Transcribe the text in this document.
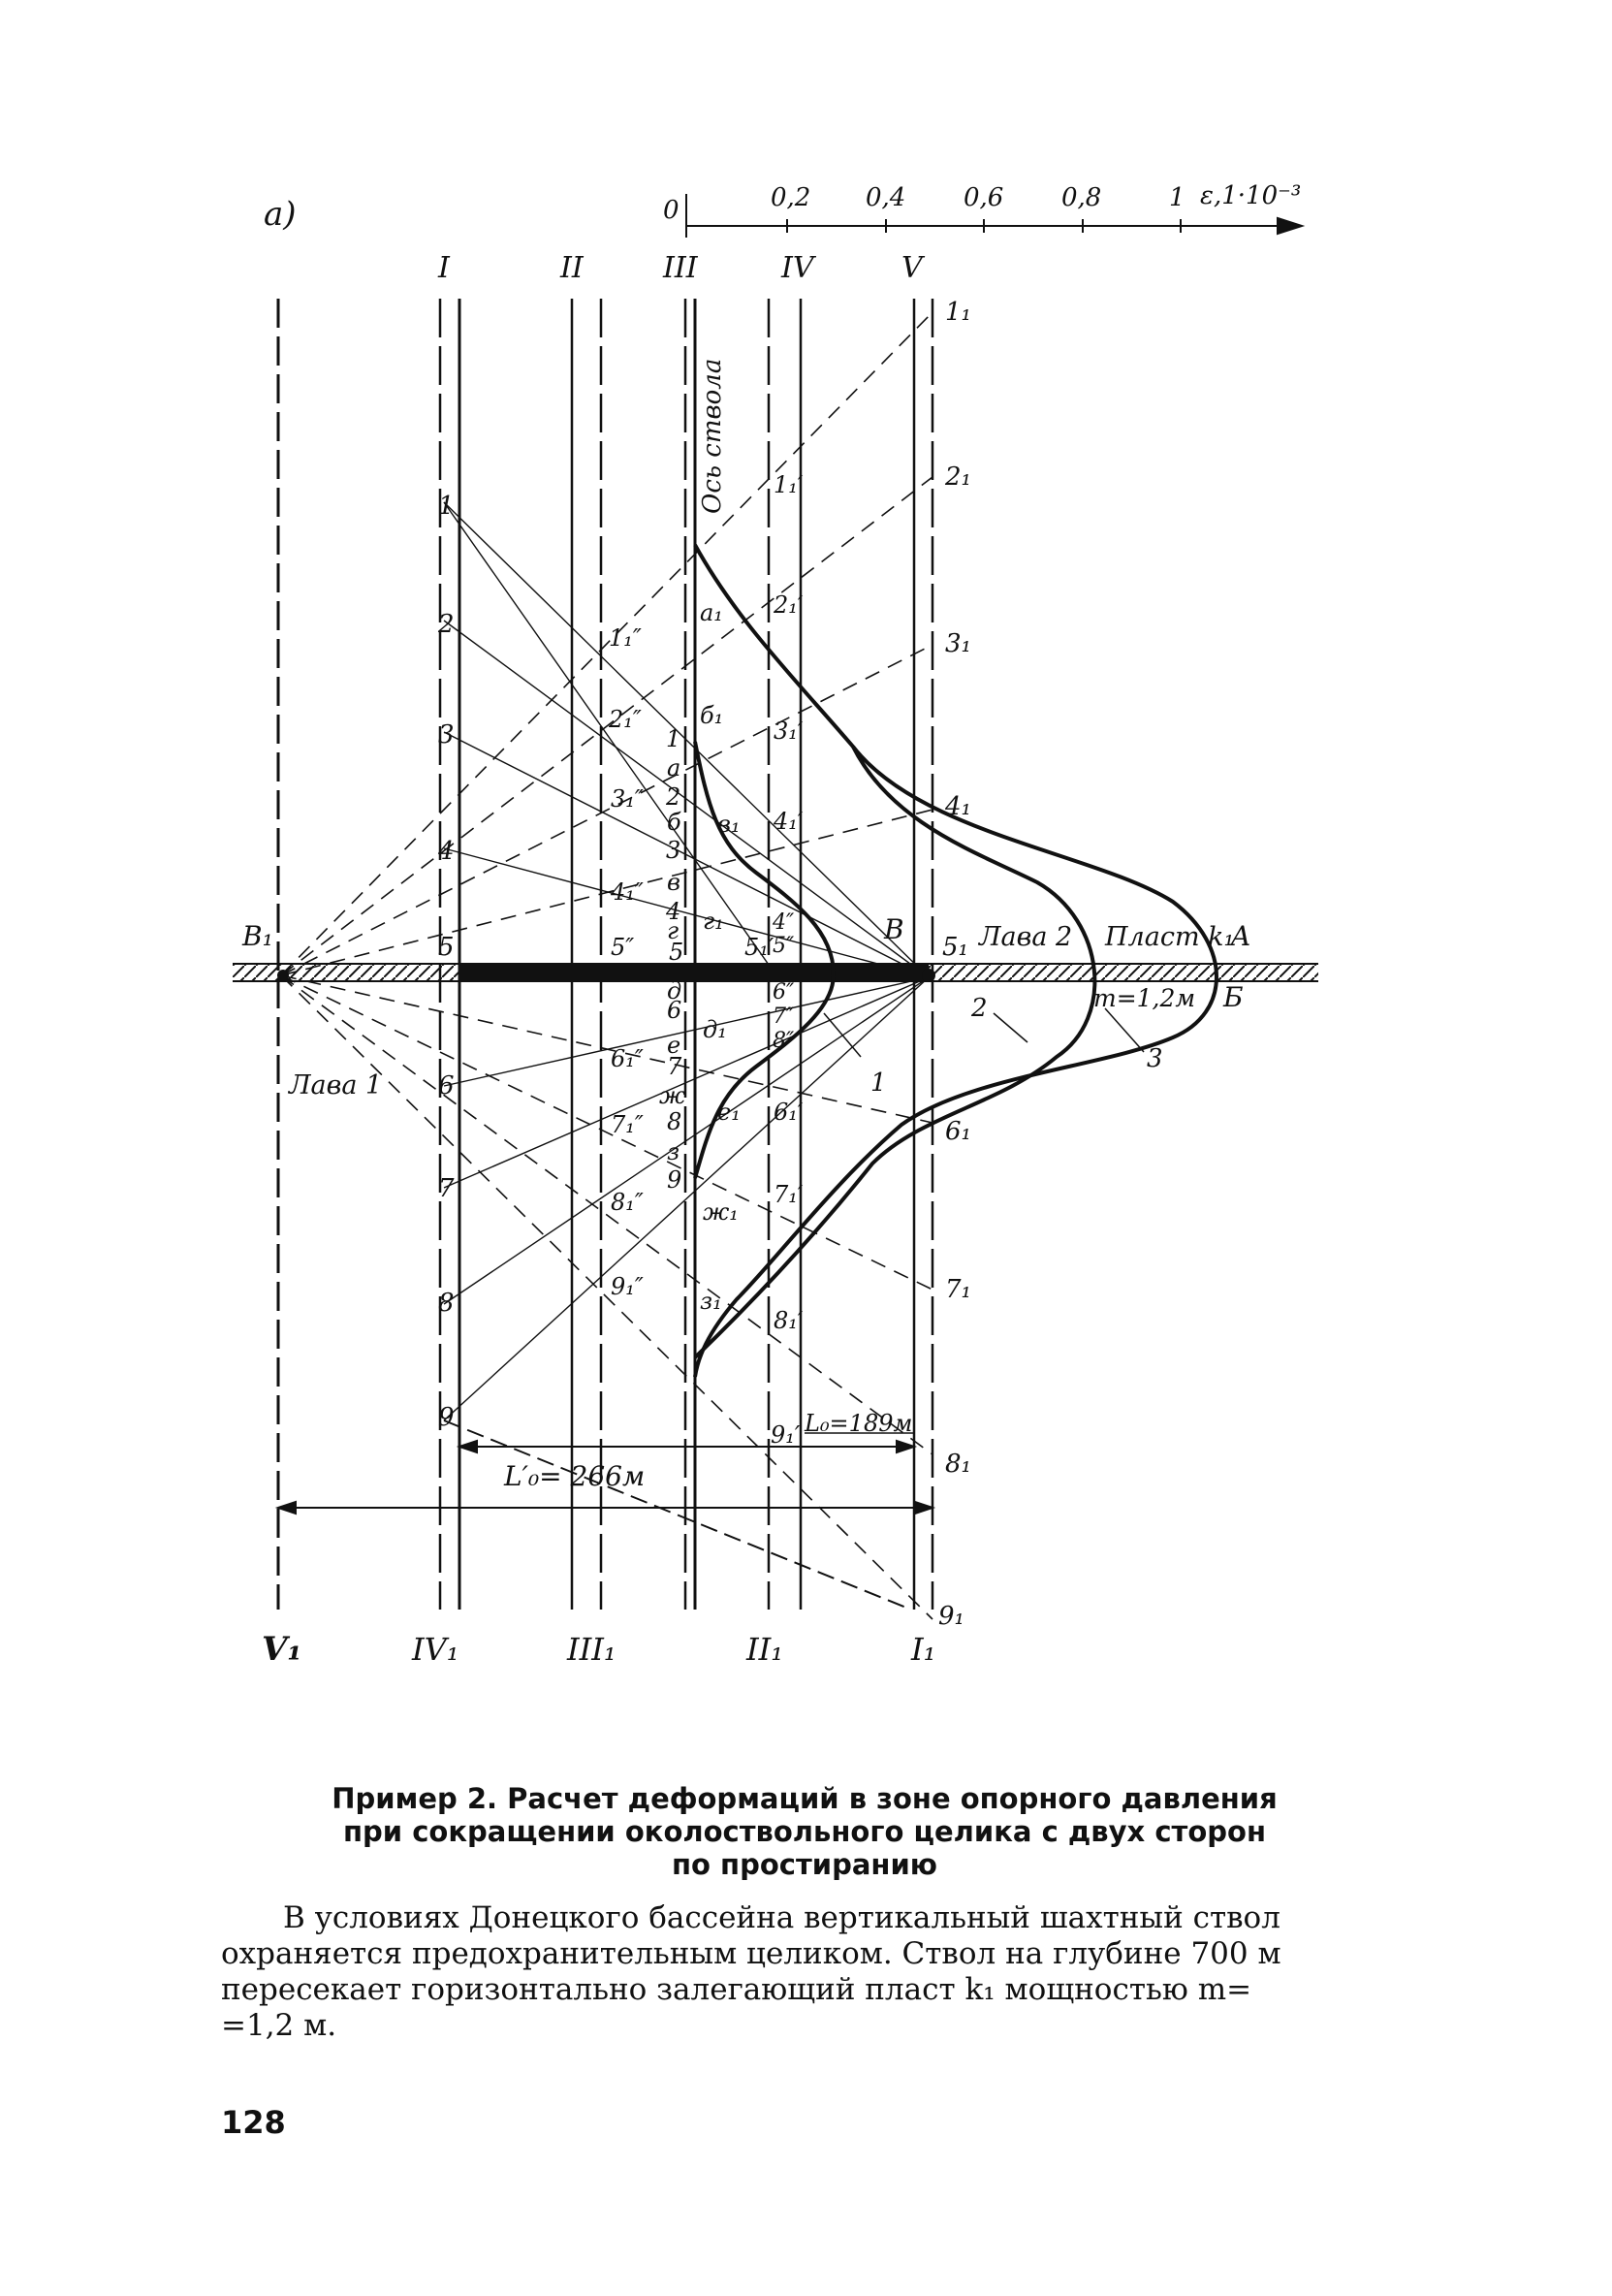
а)	0	0,2 0,4 0,6 0,8	1 ε,1·10⁻³
I	II	III	IV	V
Ось ствола
1
2
3
4
5
6
7
8
9
1₁
2₁
3₁
4₁
5₁
6₁
7₁
8₁
9₁
1₁″
2₁″
3₁″
4₁″
5″
6₁″
7₁″
8₁″
9₁″
1₁′
2₁′
3₁′
4₁′
5₁′
6₁′
7₁′
8₁′
9₁′
1
2
3
4
5
6
7
8
9
а
б
в
г
д
е
ж
з
а₁
б₁
в₁
г₁
д₁
е₁
ж₁
з₁
4″
5″
6″
7″
8″
B₁	B	A
Б
Лава 1
Лава 2 Пласт k₁
m=1,2м
1
2
3
L₀=189м
L′₀= 266м
V₁	IV₁	III₁	II₁	I₁
Пример 2. Расчет деформаций в зоне опорного давления
при сокращении околоствольного целика с двух сторон
по простиранию
В условиях Донецкого бассейна вертикальный шахтный ствол
охраняется предохранительным целиком. Ствол на глубине 700 м
пересекает горизонтально залегающий пласт k₁ мощностью m=
=1,2 м.
128
